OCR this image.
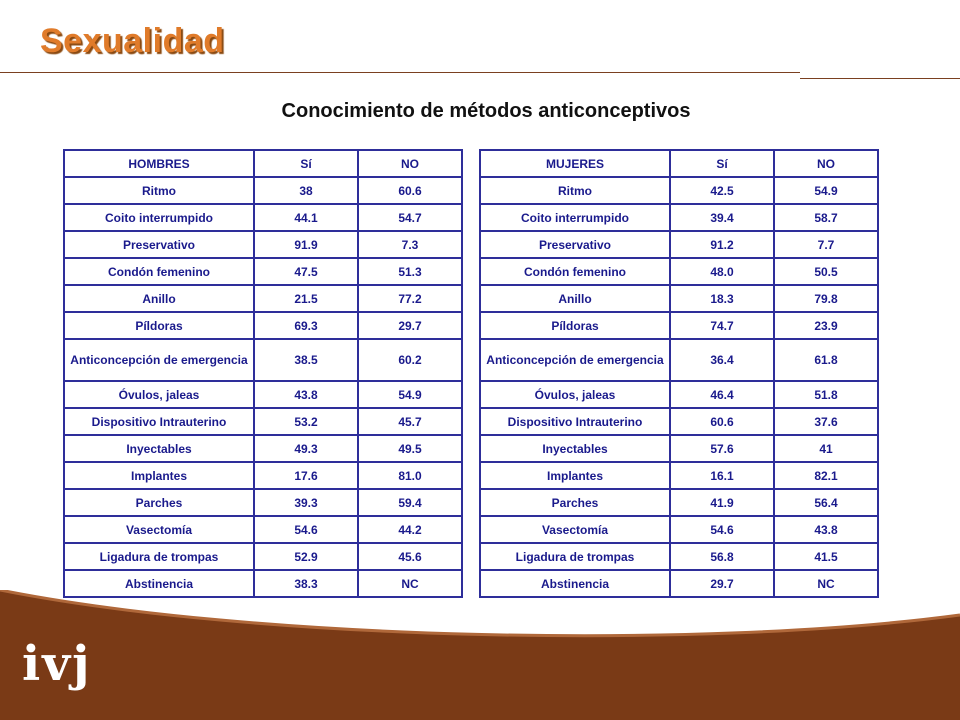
Sexualidad
Conocimiento de métodos anticonceptivos
HOMBRES	Sí	NO
Ritmo	38	60.6
Coito interrumpido	44.1	54.7
Preservativo	91.9	7.3
Condón femenino	47.5	51.3
Anillo	21.5	77.2
Píldoras	69.3	29.7
Anticoncepción de emergencia	38.5	60.2
Óvulos, jaleas	43.8	54.9
Dispositivo Intrauterino	53.2	45.7
Inyectables	49.3	49.5
Implantes	17.6	81.0
Parches	39.3	59.4
Vasectomía	54.6	44.2
Ligadura de trompas	52.9	45.6
Abstinencia	38.3	NC
MUJERES	Sí	NO
Ritmo	42.5	54.9
Coito interrumpido	39.4	58.7
Preservativo	91.2	7.7
Condón femenino	48.0	50.5
Anillo	18.3	79.8
Píldoras	74.7	23.9
Anticoncepción de emergencia	36.4	61.8
Óvulos, jaleas	46.4	51.8
Dispositivo Intrauterino	60.6	37.6
Inyectables	57.6	41
Implantes	16.1	82.1
Parches	41.9	56.4
Vasectomía	54.6	43.8
Ligadura de trompas	56.8	41.5
Abstinencia	29.7	NC
ivj
